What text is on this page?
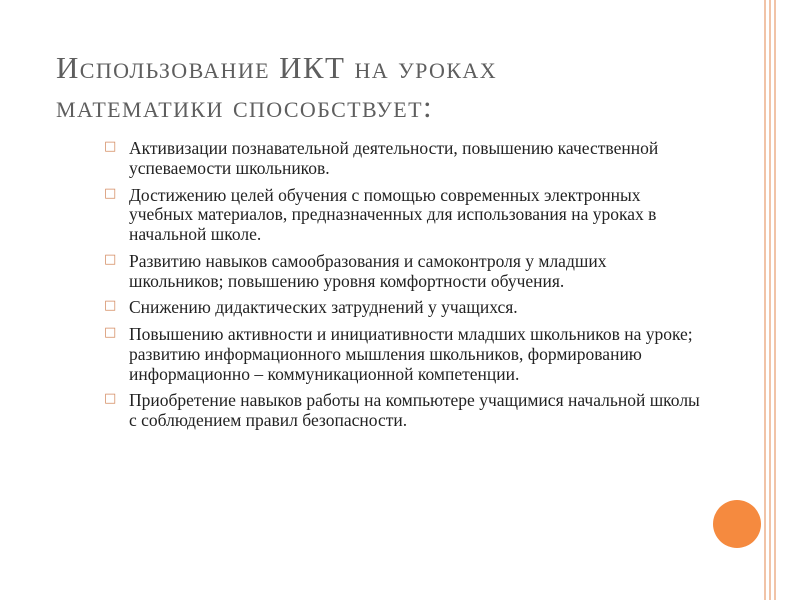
Использование ИКТ на уроках

математики способствует:

□ Активизации познавательной деятельности, повышению качественной успеваемости школьников.
□ Достижению целей обучения с помощью современных электронных учебных материалов, предназначенных для использования на уроках в начальной школе.
□ Развитию навыков самообразования и самоконтроля у младших школьников; повышению уровня комфортности обучения.
□ Снижению дидактических затруднений у учащихся.
□ Повышению активности и инициативности младших школьников на уроке; развитию информационного мышления школьников, формированию информационно – коммуникационной компетенции.
□ Приобретение навыков работы на компьютере учащимися начальной школы с соблюдением правил безопасности.
